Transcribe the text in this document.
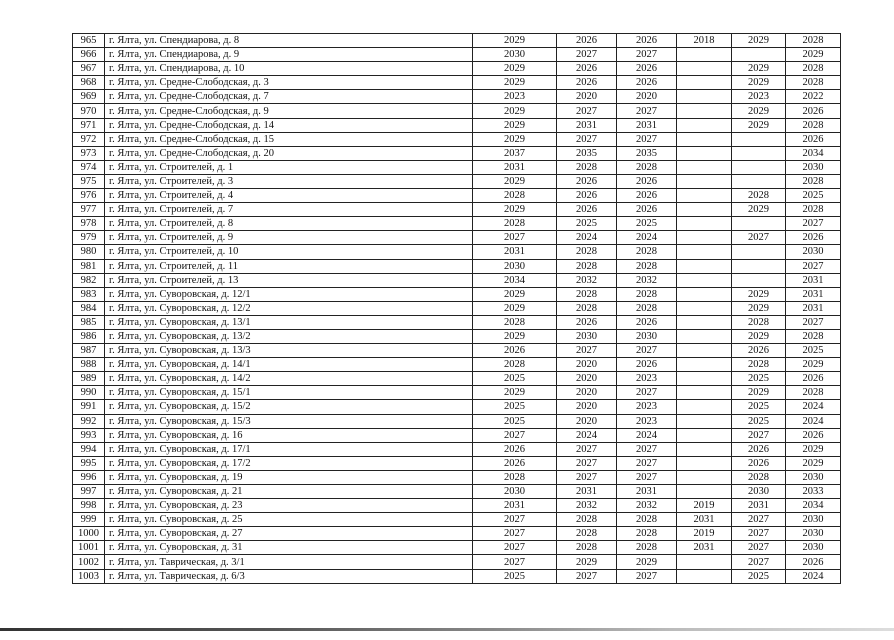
965	г. Ялта, ул. Спендиарова, д. 8	2029	2026	2026	2018	2029	2028
966	г. Ялта, ул. Спендиарова, д. 9	2030	2027	2027			2029
967	г. Ялта, ул. Спендиарова, д. 10	2029	2026	2026		2029	2028
968	г. Ялта, ул. Средне-Слободская, д. 3	2029	2026	2026		2029	2028
969	г. Ялта, ул. Средне-Слободская, д. 7	2023	2020	2020		2023	2022
970	г. Ялта, ул. Средне-Слободская, д. 9	2029	2027	2027		2029	2026
971	г. Ялта, ул. Средне-Слободская, д. 14	2029	2031	2031		2029	2028
972	г. Ялта, ул. Средне-Слободская, д. 15	2029	2027	2027			2026
973	г. Ялта, ул. Средне-Слободская, д. 20	2037	2035	2035			2034
974	г. Ялта, ул. Строителей, д. 1	2031	2028	2028			2030
975	г. Ялта, ул. Строителей, д. 3	2029	2026	2026			2028
976	г. Ялта, ул. Строителей, д. 4	2028	2026	2026		2028	2025
977	г. Ялта, ул. Строителей, д. 7	2029	2026	2026		2029	2028
978	г. Ялта, ул. Строителей, д. 8	2028	2025	2025			2027
979	г. Ялта, ул. Строителей, д. 9	2027	2024	2024		2027	2026
980	г. Ялта, ул. Строителей, д. 10	2031	2028	2028			2030
981	г. Ялта, ул. Строителей, д. 11	2030	2028	2028			2027
982	г. Ялта, ул. Строителей, д. 13	2034	2032	2032			2031
983	г. Ялта, ул. Суворовская, д. 12/1	2029	2028	2028		2029	2031
984	г. Ялта, ул. Суворовская, д. 12/2	2029	2028	2028		2029	2031
985	г. Ялта, ул. Суворовская, д. 13/1	2028	2026	2026		2028	2027
986	г. Ялта, ул. Суворовская, д. 13/2	2029	2030	2030		2029	2028
987	г. Ялта, ул. Суворовская, д. 13/3	2026	2027	2027		2026	2025
988	г. Ялта, ул. Суворовская, д. 14/1	2028	2020	2026		2028	2029
989	г. Ялта, ул. Суворовская, д. 14/2	2025	2020	2023		2025	2026
990	г. Ялта, ул. Суворовская, д. 15/1	2029	2020	2027		2029	2028
991	г. Ялта, ул. Суворовская, д. 15/2	2025	2020	2023		2025	2024
992	г. Ялта, ул. Суворовская, д. 15/3	2025	2020	2023		2025	2024
993	г. Ялта, ул. Суворовская, д. 16	2027	2024	2024		2027	2026
994	г. Ялта, ул. Суворовская, д. 17/1	2026	2027	2027		2026	2029
995	г. Ялта, ул. Суворовская, д. 17/2	2026	2027	2027		2026	2029
996	г. Ялта, ул. Суворовская, д. 19	2028	2027	2027		2028	2030
997	г. Ялта, ул. Суворовская, д. 21	2030	2031	2031		2030	2033
998	г. Ялта, ул. Суворовская, д. 23	2031	2032	2032	2019	2031	2034
999	г. Ялта, ул. Суворовская, д. 25	2027	2028	2028	2031	2027	2030
1000	г. Ялта, ул. Суворовская, д. 27	2027	2028	2028	2019	2027	2030
1001	г. Ялта, ул. Суворовская, д. 31	2027	2028	2028	2031	2027	2030
1002	г. Ялта, ул. Таврическая, д. 3/1	2027	2029	2029		2027	2026
1003	г. Ялта, ул. Таврическая, д. 6/3	2025	2027	2027		2025	2024
